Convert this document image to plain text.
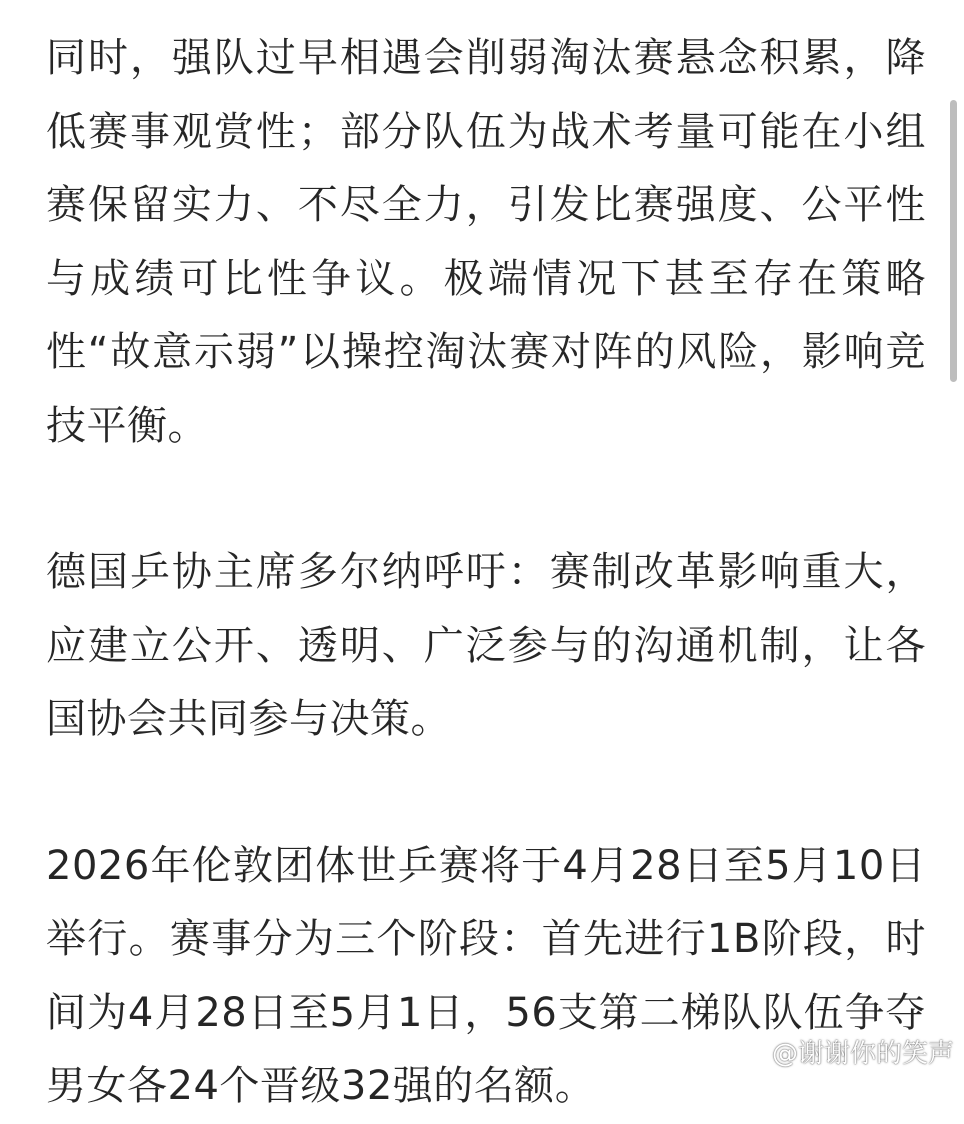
同时，强队过早相遇会削弱淘汰赛悬念积累，降低赛事观赏性；部分队伍为战术考量可能在小组赛保留实力、不尽全力，引发比赛强度、公平性与成绩可比性争议。极端情况下甚至存在策略性“故意示弱”以操控淘汰赛对阵的风险，影响竞技平衡。

德国乒协主席多尔纳呼吁：赛制改革影响重大，应建立公开、透明、广泛参与的沟通机制，让各国协会共同参与决策。

2026年伦敦团体世乒赛将于4月28日至5月10日举行。赛事分为三个阶段：首先进行1B阶段，时间为4月28日至5月1日，56支第二梯队队伍争夺男女各24个晋级32强的名额。

@谢谢你的笑声
